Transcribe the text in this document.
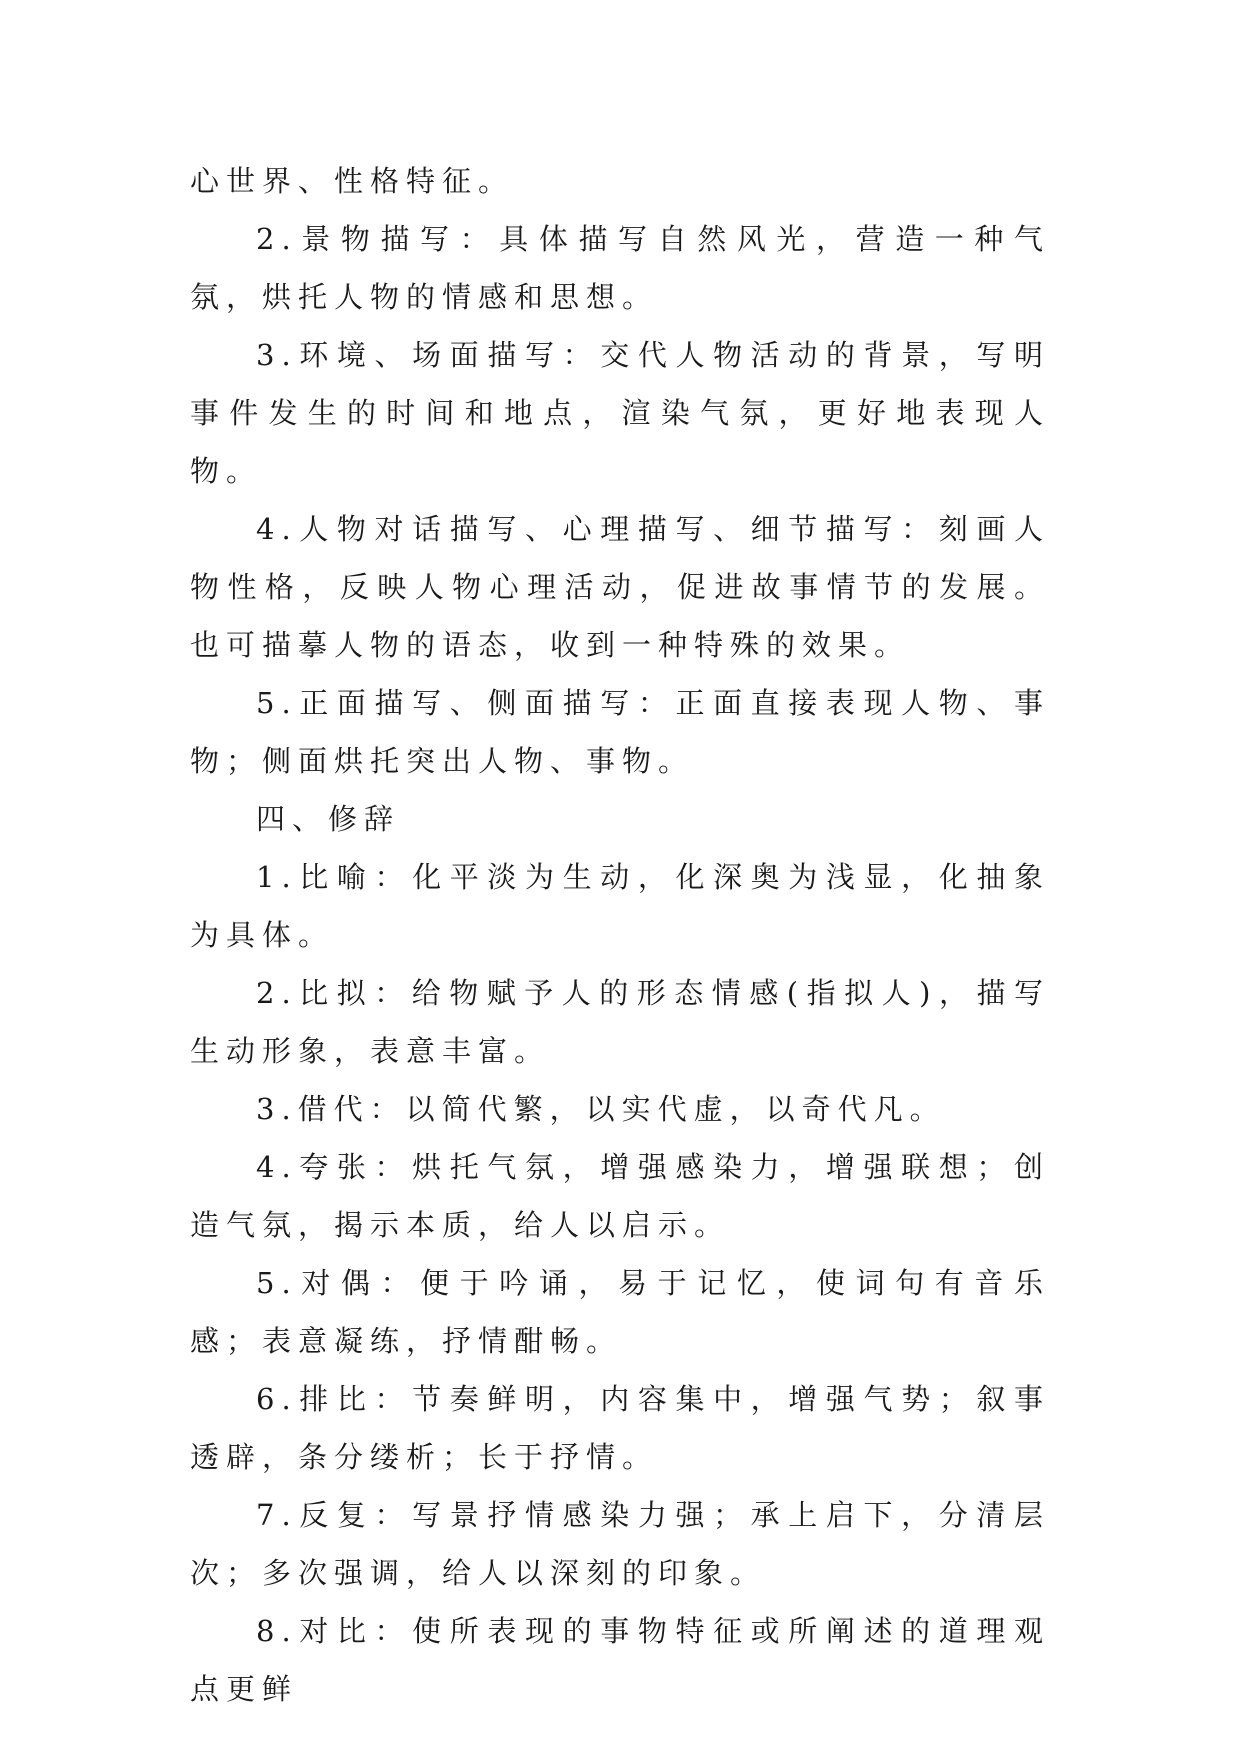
心世界、性格特征。

2.景物描写：具体描写自然风光，营造一种气氛，烘托人物的情感和思想。

3.环境、场面描写：交代人物活动的背景，写明事件发生的时间和地点，渲染气氛，更好地表现人物。

4.人物对话描写、心理描写、细节描写：刻画人物性格，反映人物心理活动，促进故事情节的发展。也可描摹人物的语态，收到一种特殊的效果。

5.正面描写、侧面描写：正面直接表现人物、事物；侧面烘托突出人物、事物。

四、修辞

1.比喻：化平淡为生动，化深奥为浅显，化抽象为具体。

2.比拟：给物赋予人的形态情感(指拟人)，描写生动形象，表意丰富。

3.借代：以简代繁，以实代虚，以奇代凡。

4.夸张：烘托气氛，增强感染力，增强联想；创造气氛，揭示本质，给人以启示。

5.对偶：便于吟诵，易于记忆，使词句有音乐感；表意凝练，抒情酣畅。

6.排比：节奏鲜明，内容集中，增强气势；叙事透辟，条分缕析；长于抒情。

7.反复：写景抒情感染力强；承上启下，分清层次；多次强调，给人以深刻的印象。

8.对比：使所表现的事物特征或所阐述的道理观点更鲜
